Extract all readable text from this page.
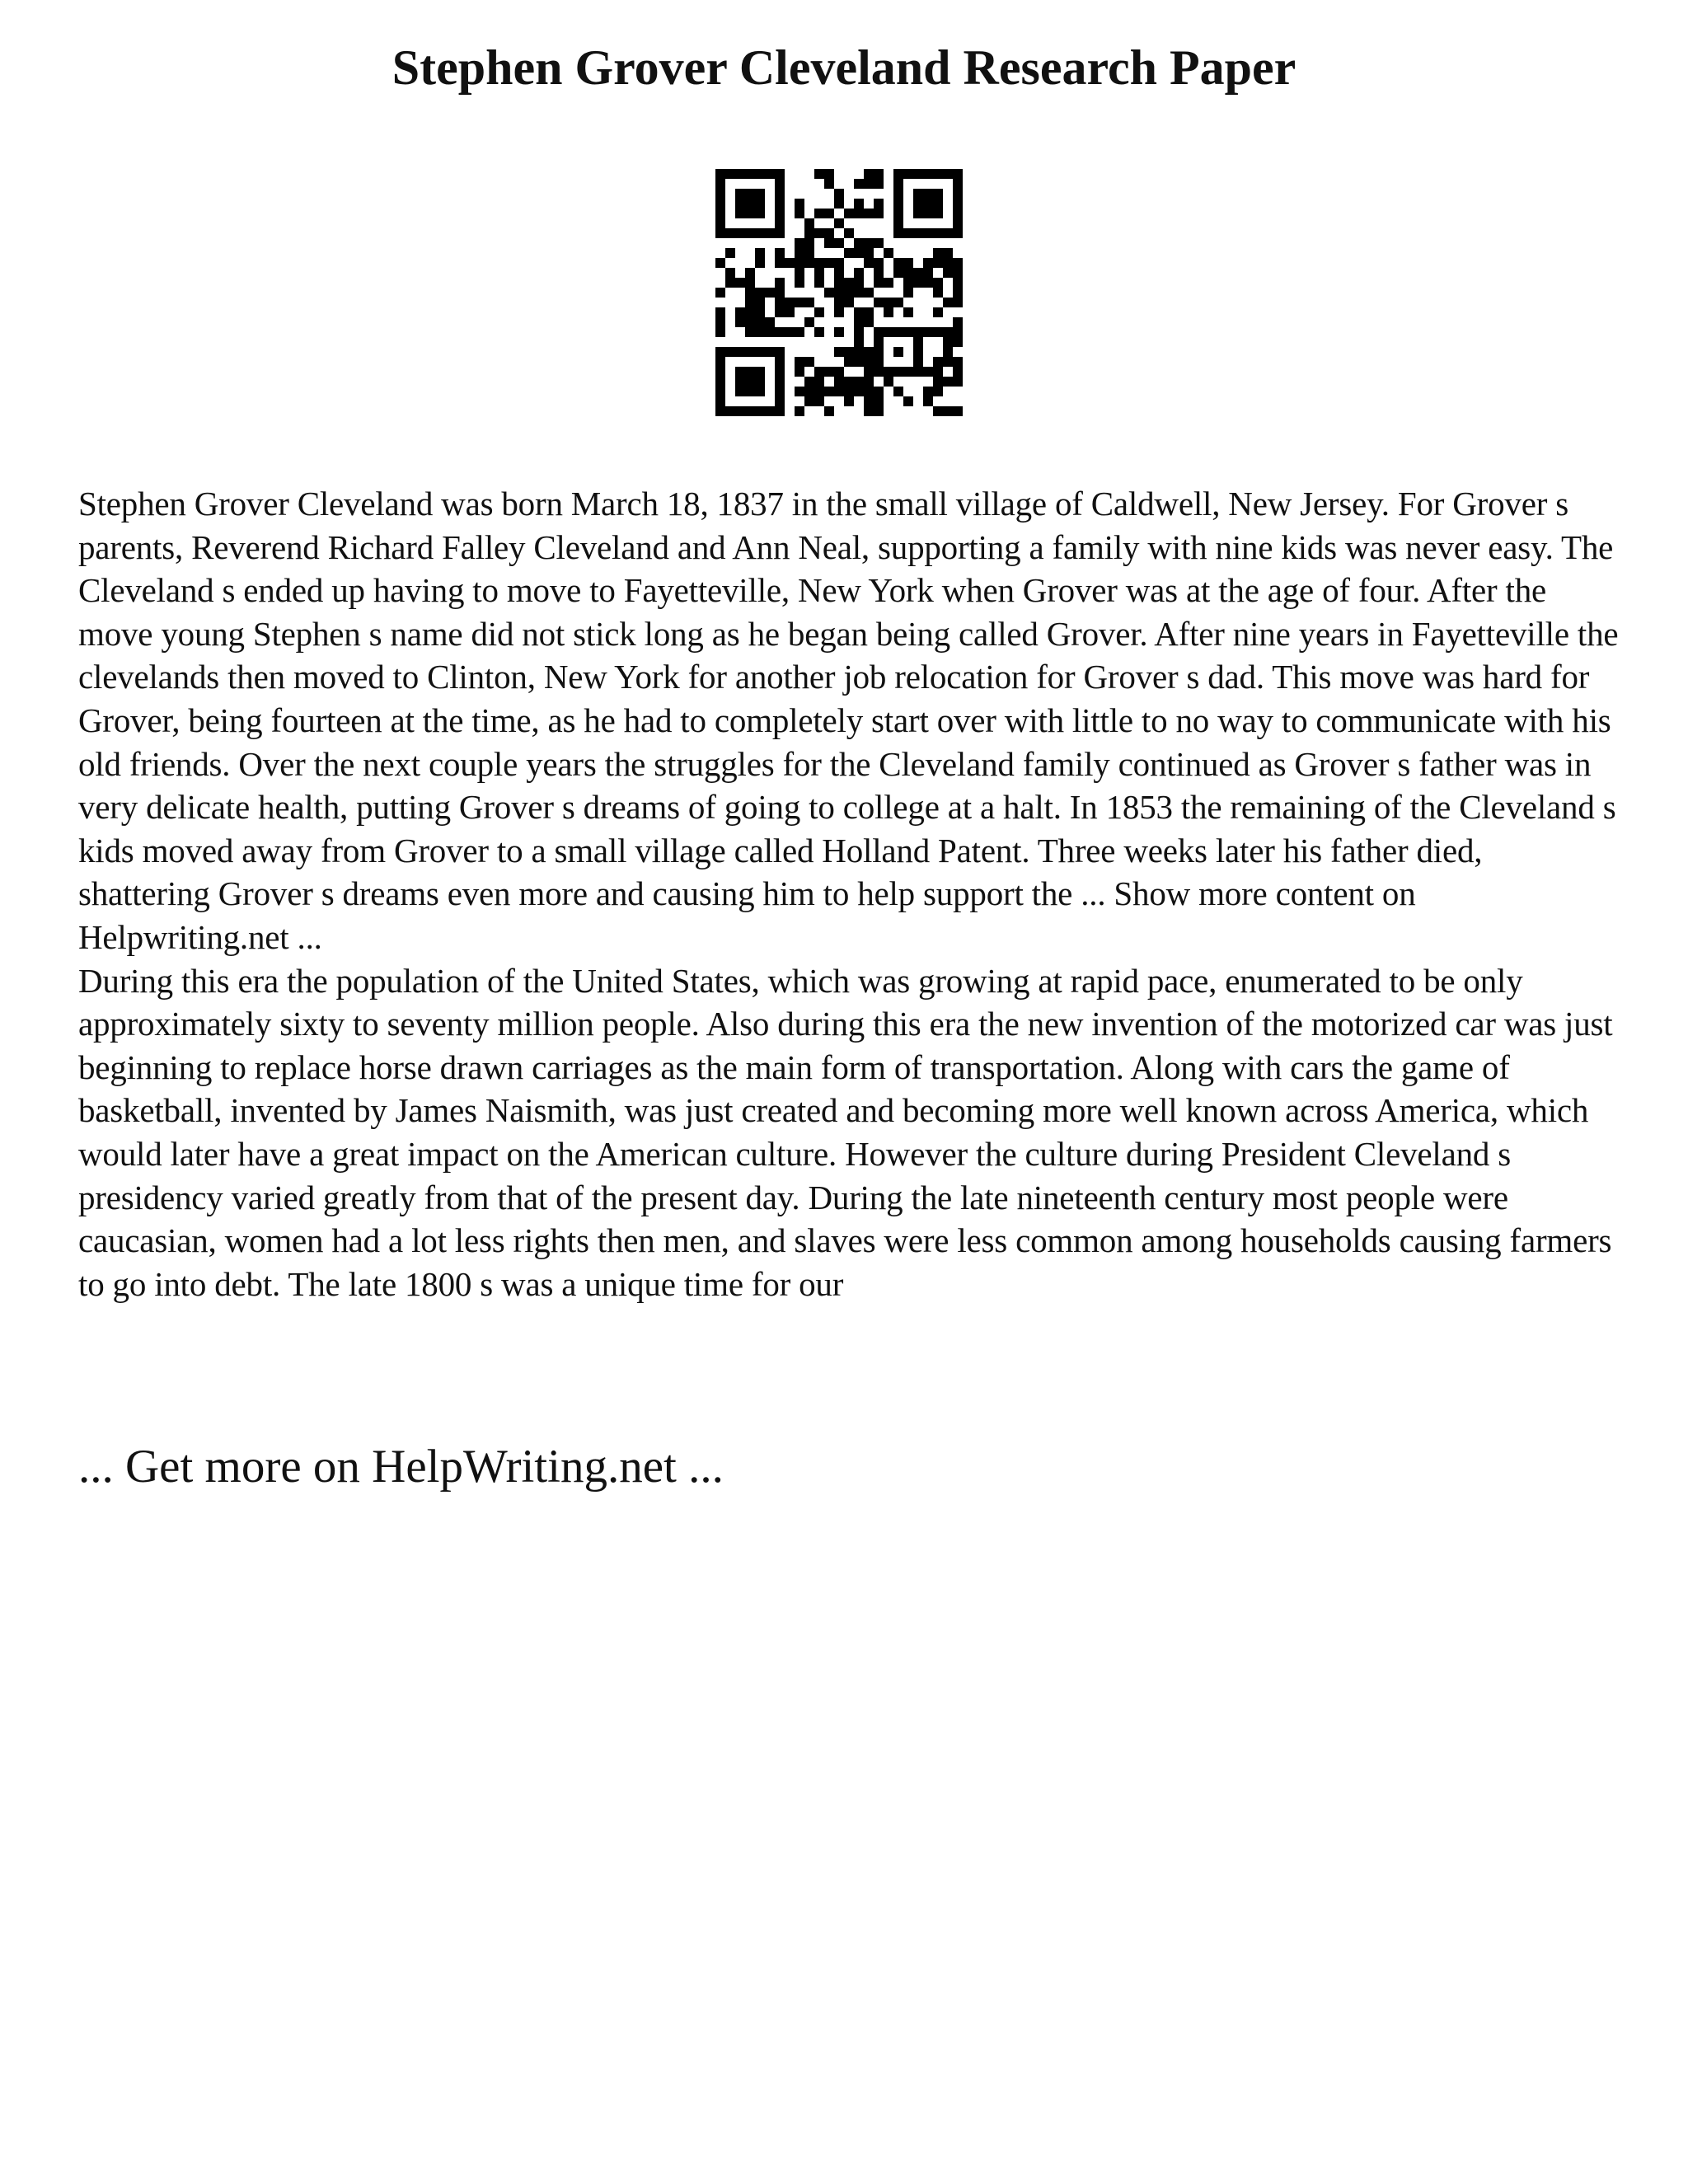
Stephen Grover Cleveland Research Paper

Stephen Grover Cleveland was born March 18, 1837 in the small village of Caldwell, New Jersey. For Grover s parents, Reverend Richard Falley Cleveland and Ann Neal, supporting a family with nine kids was never easy. The Cleveland s ended up having to move to Fayetteville, New York when Grover was at the age of four. After the move young Stephen s name did not stick long as he began being called Grover. After nine years in Fayetteville the clevelands then moved to Clinton, New York for another job relocation for Grover s dad. This move was hard for Grover, being fourteen at the time, as he had to completely start over with little to no way to communicate with his old friends. Over the next couple years the struggles for the Cleveland family continued as Grover s father was in very delicate health, putting Grover s dreams of going to college at a halt. In 1853 the remaining of the Cleveland s kids moved away from Grover to a small village called Holland Patent. Three weeks later his father died, shattering Grover s dreams even more and causing him to help support the ... Show more content on Helpwriting.net ...

During this era the population of the United States, which was growing at rapid pace, enumerated to be only approximately sixty to seventy million people. Also during this era the new invention of the motorized car was just beginning to replace horse drawn carriages as the main form of transportation. Along with cars the game of basketball, invented by James Naismith, was just created and becoming more well known across America, which would later have a great impact on the American culture. However the culture during President Cleveland s presidency varied greatly from that of the present day. During the late nineteenth century most people were caucasian, women had a lot less rights then men, and slaves were less common among households causing farmers to go into debt. The late 1800 s was a unique time for our

... Get more on HelpWriting.net ...
